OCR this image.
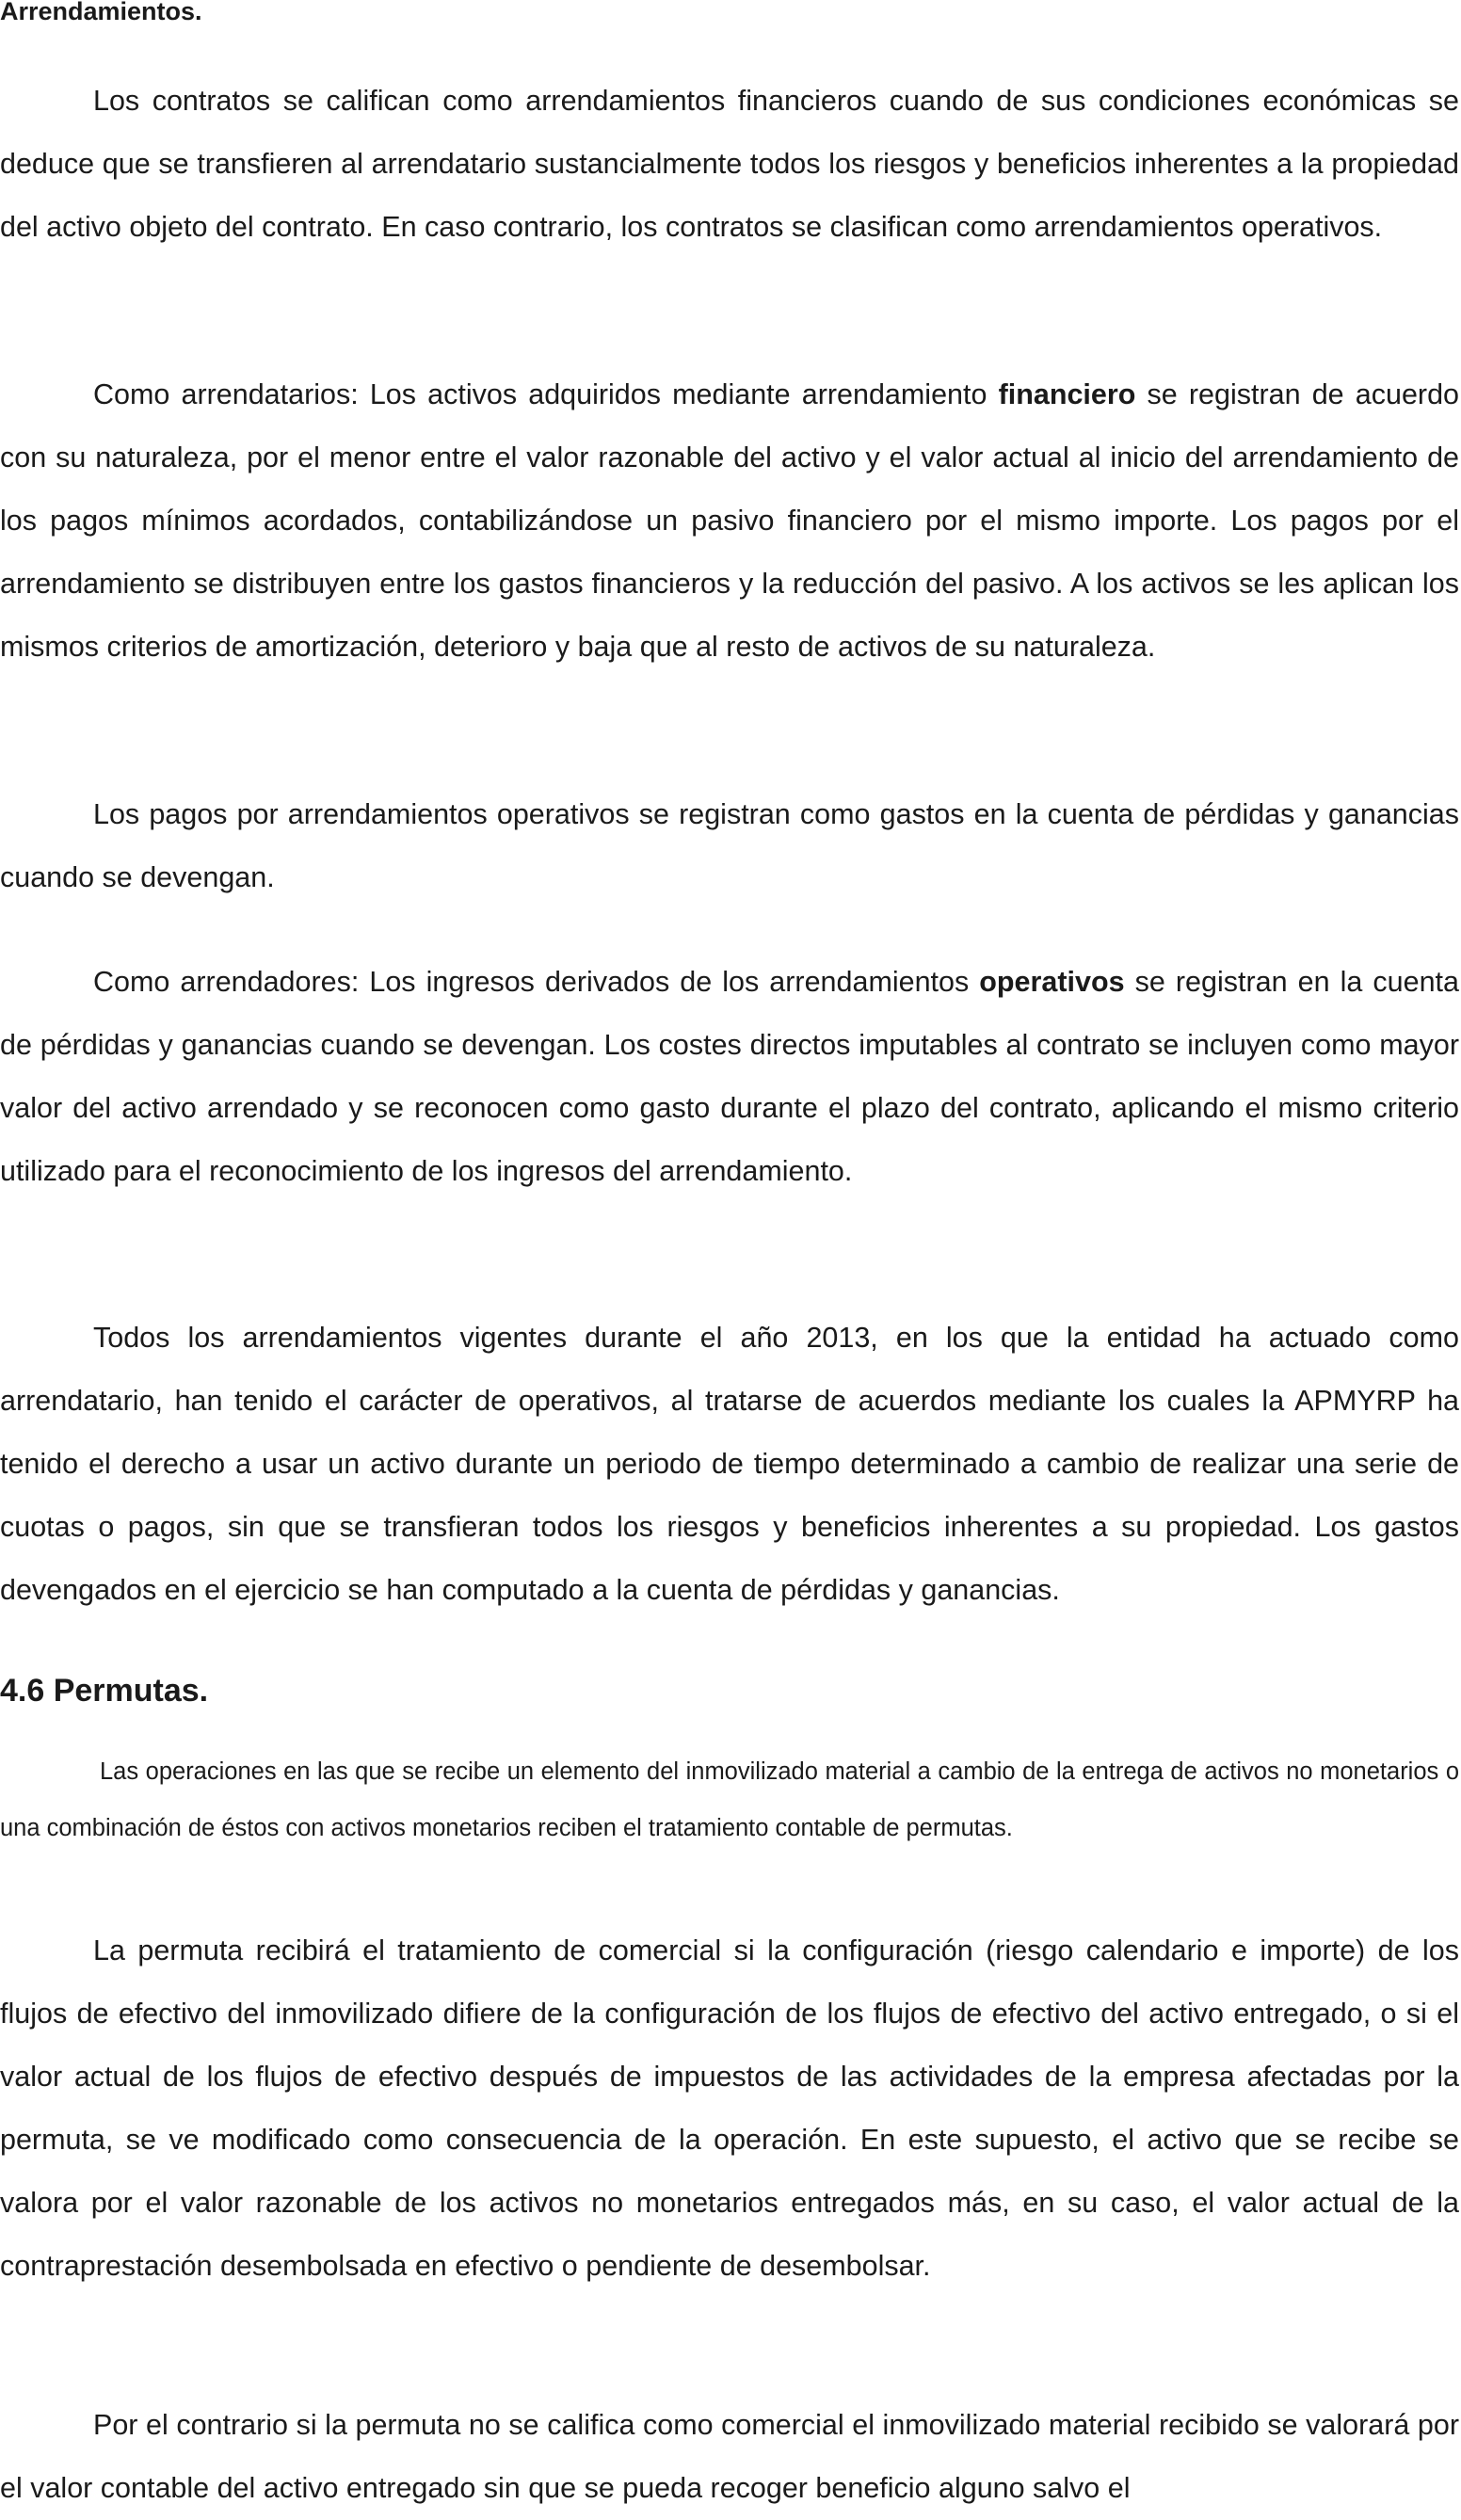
Arrendamientos.

Los contratos se califican como arrendamientos financieros cuando de sus condiciones económicas se deduce que se transfieren al arrendatario sustancialmente todos los riesgos y beneficios inherentes a la propiedad del activo objeto del contrato. En caso contrario, los contratos se clasifican como arrendamientos operativos.

Como arrendatarios: Los activos adquiridos mediante arrendamiento financiero se registran de acuerdo con su naturaleza, por el menor entre el valor razonable del activo y el valor actual al inicio del arrendamiento de los pagos mínimos acordados, contabilizándose un pasivo financiero por el mismo importe. Los pagos por el arrendamiento se distribuyen entre los gastos financieros y la reducción del pasivo. A los activos se les aplican los mismos criterios de amortización, deterioro y baja que al resto de activos de su naturaleza.

Los pagos por arrendamientos operativos se registran como gastos en la cuenta de pérdidas y ganancias cuando se devengan.

Como arrendadores: Los ingresos derivados de los arrendamientos operativos se registran en la cuenta de pérdidas y ganancias cuando se devengan. Los costes directos imputables al contrato se incluyen como mayor valor del activo arrendado y se reconocen como gasto durante el plazo del contrato, aplicando el mismo criterio utilizado para el reconocimiento de los ingresos del arrendamiento.

Todos los arrendamientos vigentes durante el año 2013, en los que la entidad ha actuado como arrendatario, han tenido el carácter de operativos, al tratarse de acuerdos mediante los cuales la APMYRP ha tenido el derecho a usar un activo durante un periodo de tiempo determinado a cambio de realizar una serie de cuotas o pagos, sin que se transfieran todos los riesgos y beneficios inherentes a su propiedad. Los gastos devengados en el ejercicio se han computado a la cuenta de pérdidas y ganancias.

4.6 Permutas.

Las operaciones en las que se recibe un elemento del inmovilizado material a cambio de la entrega de activos no monetarios o una combinación de éstos con activos monetarios reciben el tratamiento contable de permutas.

La permuta recibirá el tratamiento de comercial si la configuración (riesgo calendario e importe) de los flujos de efectivo del inmovilizado difiere de la configuración de los flujos de efectivo del activo entregado, o si el valor actual de los flujos de efectivo después de impuestos de las actividades de la empresa afectadas por la permuta, se ve modificado como consecuencia de la operación. En este supuesto, el activo que se recibe se valora por el valor razonable de los activos no monetarios entregados más, en su caso, el valor actual de la contraprestación desembolsada en efectivo o pendiente de desembolsar.

Por el contrario si la permuta no se califica como comercial el inmovilizado material recibido se valorará por el valor contable del activo entregado sin que se pueda recoger beneficio alguno salvo el
